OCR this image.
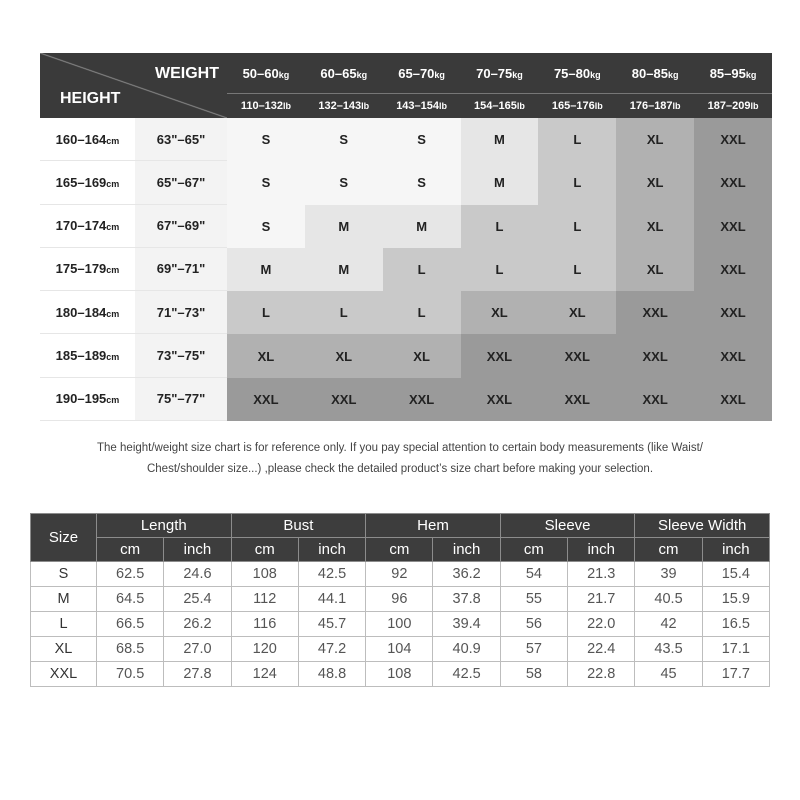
WEIGHT
HEIGHT		50–60kg	60–65kg	65–70kg	70–75kg	75–80kg	80–85kg	85–95kg
		110–132lb	132–143lb	143–154lb	154–165lb	165–176lb	176–187lb	187–209lb
160–164cm	63"–65"	S	S	S	M	L	XL	XXL
165–169cm	65"–67"	S	S	S	M	L	XL	XXL
170–174cm	67"–69"	S	M	M	L	L	XL	XXL
175–179cm	69"–71"	M	M	L	L	L	XL	XXL
180–184cm	71"–73"	L	L	L	XL	XL	XXL	XXL
185–189cm	73"–75"	XL	XL	XL	XXL	XXL	XXL	XXL
190–195cm	75"–77"	XXL	XXL	XXL	XXL	XXL	XXL	XXL
The height/weight size chart is for reference only. If you pay special attention to certain body measurements (like Waist/
Chest/shoulder size...) ,please check the detailed product’s size chart before making your selection.
Size	Length		Bust		Hem		Sleeve		Sleeve Width	
	cm	inch	cm	inch	cm	inch	cm	inch	cm	inch
S	62.5	24.6	108	42.5	92	36.2	54	21.3	39	15.4
M	64.5	25.4	112	44.1	96	37.8	55	21.7	40.5	15.9
L	66.5	26.2	116	45.7	100	39.4	56	22.0	42	16.5
XL	68.5	27.0	120	47.2	104	40.9	57	22.4	43.5	17.1
XXL	70.5	27.8	124	48.8	108	42.5	58	22.8	45	17.7
